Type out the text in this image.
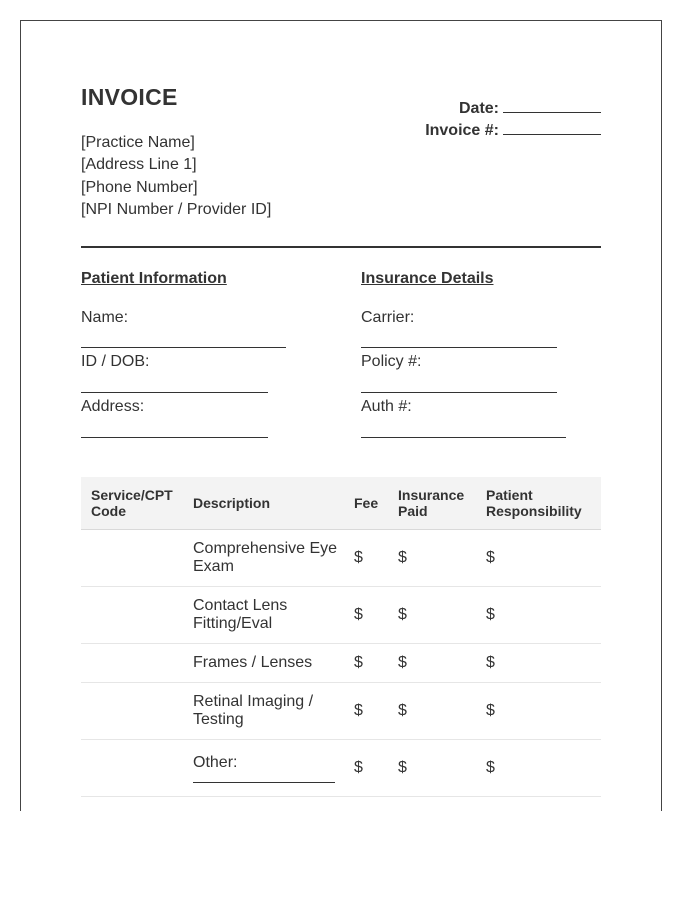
INVOICE
[Practice Name]
[Address Line 1]
[Phone Number]
[NPI Number / Provider ID]
Date:
Invoice #:
Patient Information
Name:
ID / DOB:
Address:
Insurance Details
Carrier:
Policy #:
Auth #:
Service/CPT Code	Description	Fee	Insurance Paid	Patient Responsibility
	Comprehensive Eye Exam	$	$	$
	Contact Lens Fitting/Eval	$	$	$
	Frames / Lenses	$	$	$
	Retinal Imaging / Testing	$	$	$
	Other:	$	$	$
